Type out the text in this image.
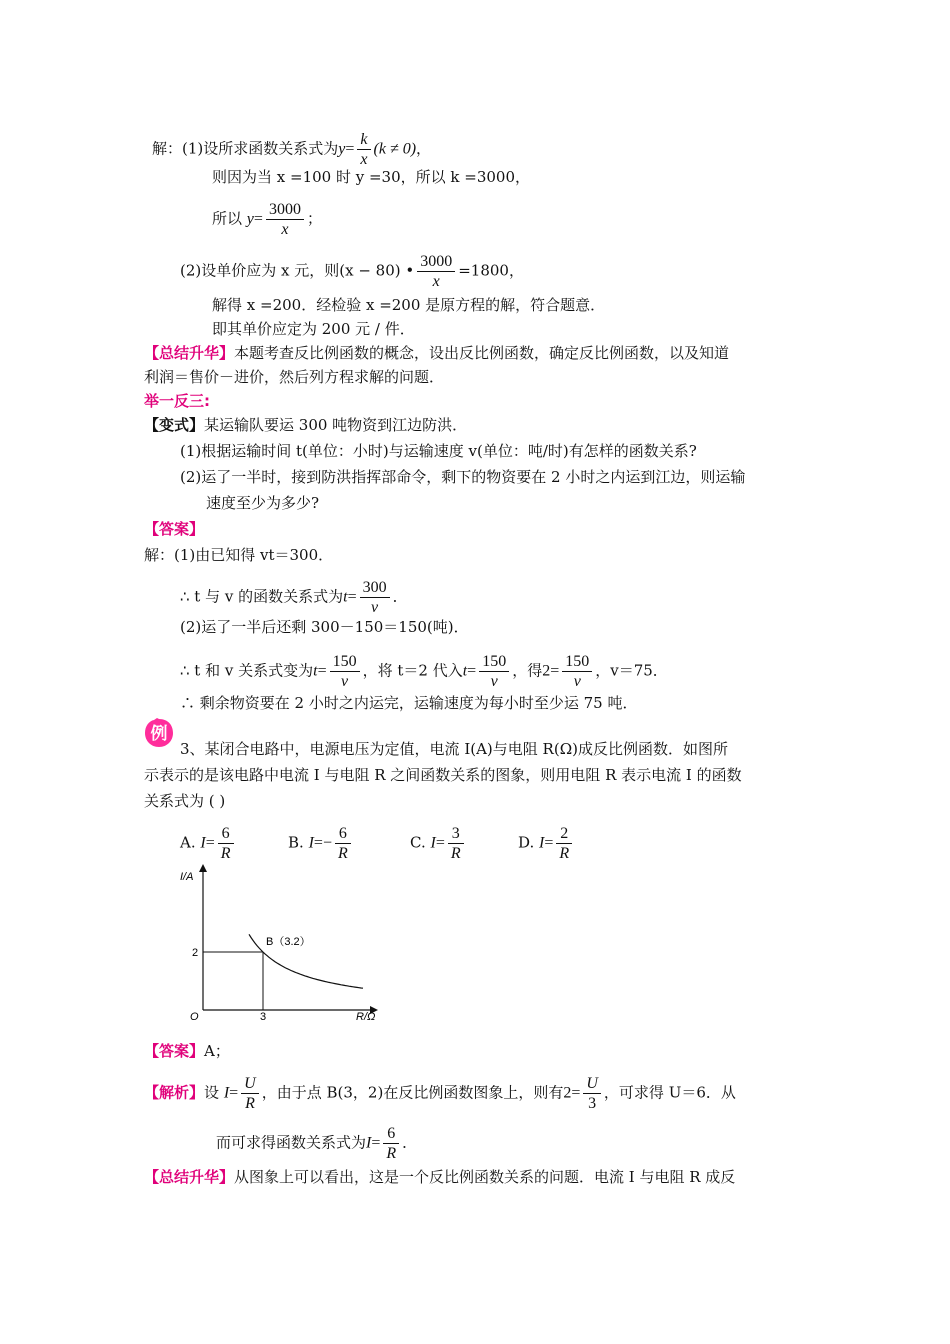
解：(1)设所求函数关系式为$y= \frac{k}{x} (k \ne 0)$，
则因为当 x =100 时 y =30，所以 k =3000，
所以 $y= \frac{3000}{x}$ ；
(2)设单价应为 x 元，则(x − 80) • $\frac{3000}{x} =1800$，
解得 x =200．经检验 x =200 是原方程的解，符合题意．
即其单价应定为 200 元 / 件．
【总结升华】本题考查反比例函数的概念，设出反比例函数，确定反比例函数，以及知道
利润＝售价－进价，然后列方程求解的问题．
举一反三:
【变式】某运输队要运 300 吨物资到江边防洪．
(1)根据运输时间 t(单位：小时)与运输速度 v(单位：吨/时)有怎样的函数关系?
(2)运了一半时，接到防洪指挥部命令，剩下的物资要在 2 小时之内运到江边，则运输
速度至少为多少?
【答案】
解：(1)由已知得 vt＝300．
∴ t 与 v 的函数关系式为$t= \frac{300}{v}$ ．
(2)运了一半后还剩 300－150＝150(吨)．
∴ t 和 v 关系式变为$t= \frac{150}{v}$ ，将 t＝2 代入$t= \frac{150}{v}$ ，得$2= \frac{150}{v}$ ，v＝75．
∴ 剩余物资要在 2 小时之内运完，运输速度为每小时至少运 75 吨．
例
3、某闭合电路中，电源电压为定值，电流 I(A)与电阻 R(Ω)成反比例函数．如图所
示表示的是该电路中电流 I 与电阻 R 之间函数关系的图象，则用电阻 R 表示电流 I 的函数
关系式为 ( )
A. $I= \frac{6}{R}$	B. $I=- \frac{6}{R}$	C. $I= \frac{3}{R}$	D. $I= \frac{2}{R}$
I/A
R/Ω
O
2
3
B（3.2）
【答案】A；
【解析】设 $I= \frac{U}{R}$ ，由于点 B(3，2)在反比例函数图象上，则有$2= \frac{U}{3}$ ，可求得 U＝6．从
而可求得函数关系式为$I= \frac{6}{R}$ ．
【总结升华】从图象上可以看出，这是一个反比例函数关系的问题．电流 I 与电阻 R 成反
